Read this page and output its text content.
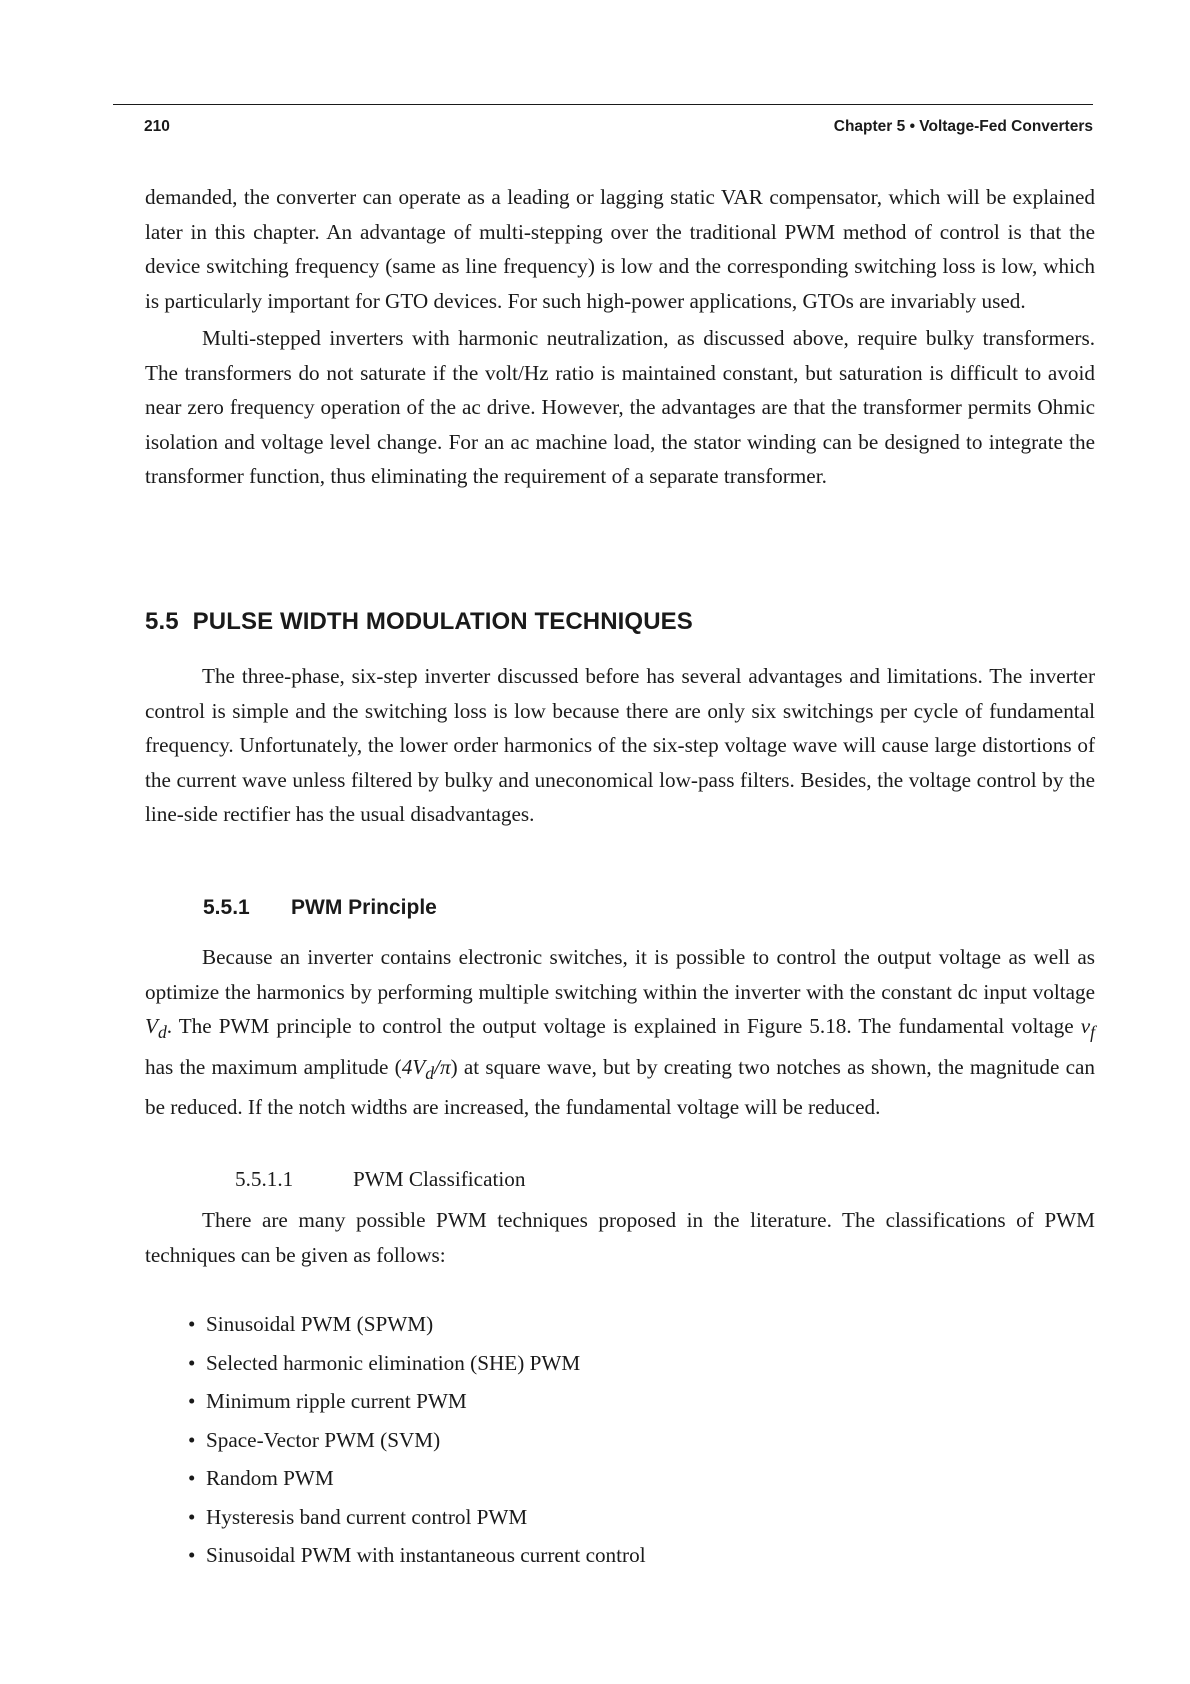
210	Chapter 5 • Voltage-Fed Converters

demanded, the converter can operate as a leading or lagging static VAR compensator, which will be explained later in this chapter. An advantage of multi-stepping over the traditional PWM method of control is that the device switching frequency (same as line frequency) is low and the corresponding switching loss is low, which is particularly important for GTO devices. For such high-power applications, GTOs are invariably used.

Multi-stepped inverters with harmonic neutralization, as discussed above, require bulky transformers. The transformers do not saturate if the volt/Hz ratio is maintained constant, but saturation is difficult to avoid near zero frequency operation of the ac drive. However, the advantages are that the transformer permits Ohmic isolation and voltage level change. For an ac machine load, the stator winding can be designed to integrate the transformer function, thus eliminating the requirement of a separate transformer.

5.5 PULSE WIDTH MODULATION TECHNIQUES

The three-phase, six-step inverter discussed before has several advantages and limitations. The inverter control is simple and the switching loss is low because there are only six switchings per cycle of fundamental frequency. Unfortunately, the lower order harmonics of the six-step voltage wave will cause large distortions of the current wave unless filtered by bulky and uneconomical low-pass filters. Besides, the voltage control by the line-side rectifier has the usual disadvantages.

5.5.1 PWM Principle

Because an inverter contains electronic switches, it is possible to control the output voltage as well as optimize the harmonics by performing multiple switching within the inverter with the constant dc input voltage $V_d$. The PWM principle to control the output voltage is explained in Figure 5.18. The fundamental voltage $v_f$ has the maximum amplitude $(4V_d/\pi)$ at square wave, but by creating two notches as shown, the magnitude can be reduced. If the notch widths are increased, the fundamental voltage will be reduced.

5.5.1.1	PWM Classification

There are many possible PWM techniques proposed in the literature. The classifications of PWM techniques can be given as follows:

• Sinusoidal PWM (SPWM)
• Selected harmonic elimination (SHE) PWM
• Minimum ripple current PWM
• Space-Vector PWM (SVM)
• Random PWM
• Hysteresis band current control PWM
• Sinusoidal PWM with instantaneous current control
